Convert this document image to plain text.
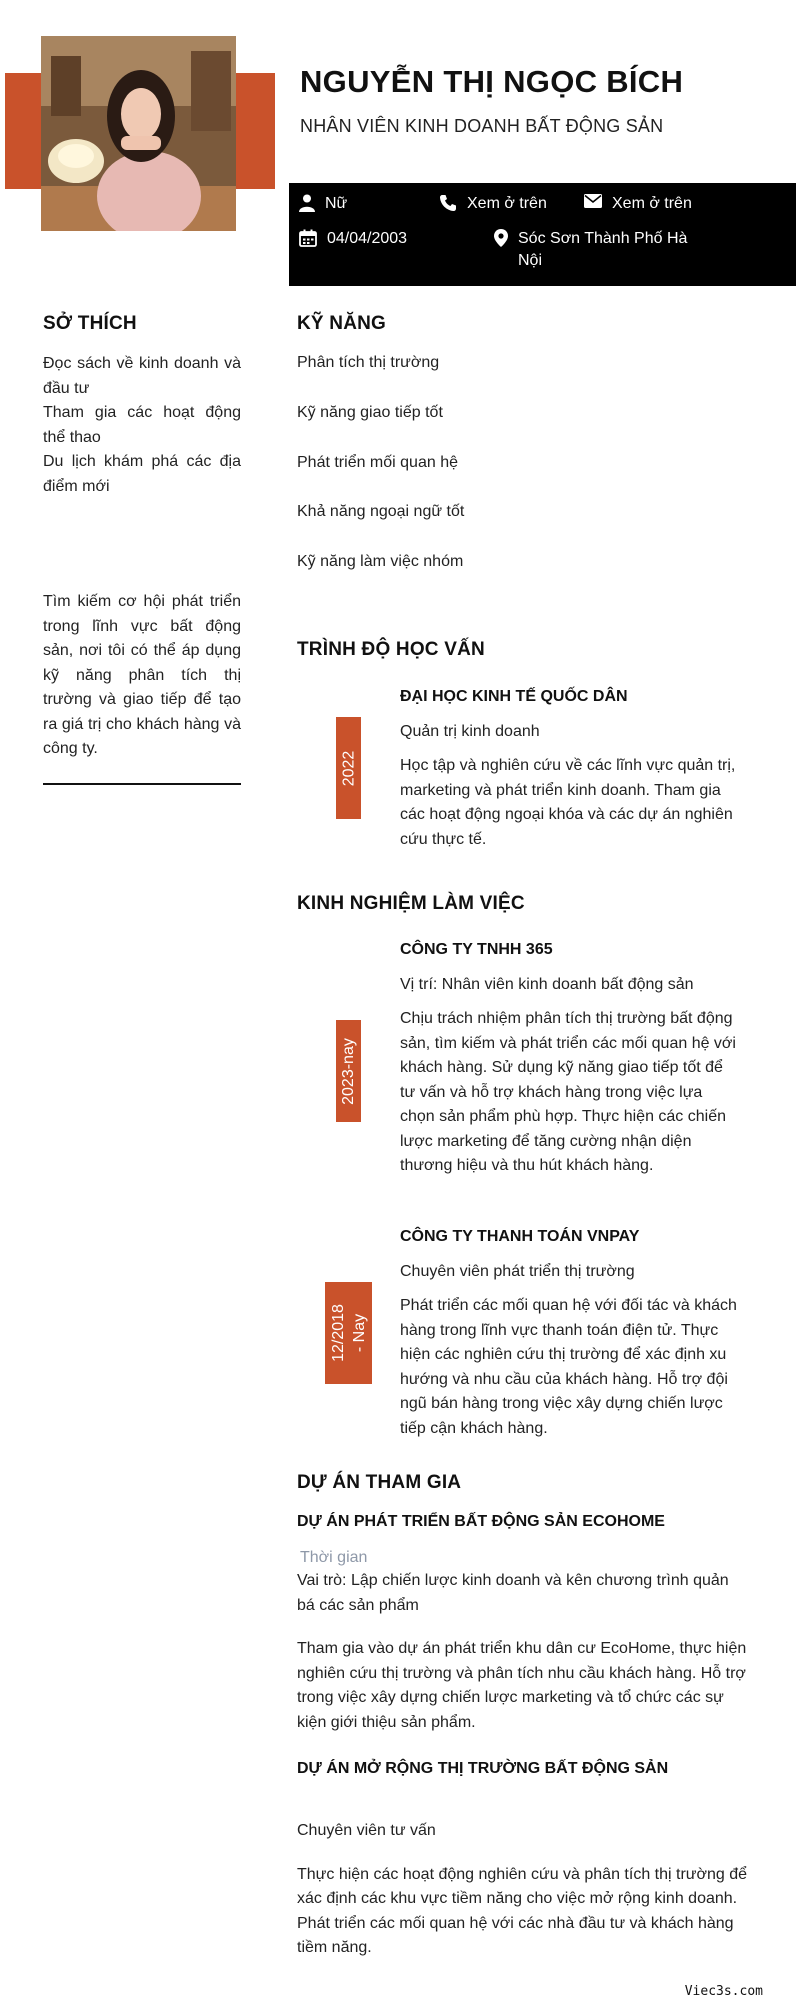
NGUYỄN THỊ NGỌC BÍCH
NHÂN VIÊN KINH DOANH BẤT ĐỘNG SẢN
Nữ	Xem ở trên	Xem ở trên
04/04/2003	Sóc Sơn Thành Phố Hà Nội
SỞ THÍCH
Đọc sách về kinh doanh và đầu tư
Tham gia các hoạt động thể thao
Du lịch khám phá các địa điểm mới
Tìm kiếm cơ hội phát triển trong lĩnh vực bất động sản, nơi tôi có thể áp dụng kỹ năng phân tích thị trường và giao tiếp để tạo ra giá trị cho khách hàng và công ty.
KỸ NĂNG
Phân tích thị trường
Kỹ năng giao tiếp tốt
Phát triển mối quan hệ
Khả năng ngoại ngữ tốt
Kỹ năng làm việc nhóm
TRÌNH ĐỘ HỌC VẤN
2022
ĐẠI HỌC KINH TẾ QUỐC DÂN
Quản trị kinh doanh
Học tập và nghiên cứu về các lĩnh vực quản trị, marketing và phát triển kinh doanh. Tham gia các hoạt động ngoại khóa và các dự án nghiên cứu thực tế.
KINH NGHIỆM LÀM VIỆC
2023-nay
CÔNG TY TNHH 365
Vị trí: Nhân viên kinh doanh bất động sản
Chịu trách nhiệm phân tích thị trường bất động sản, tìm kiếm và phát triển các mối quan hệ với khách hàng. Sử dụng kỹ năng giao tiếp tốt để tư vấn và hỗ trợ khách hàng trong việc lựa chọn sản phẩm phù hợp. Thực hiện các chiến lược marketing để tăng cường nhận diện thương hiệu và thu hút khách hàng.
12/2018 - Nay
CÔNG TY THANH TOÁN VNPAY
Chuyên viên phát triển thị trường
Phát triển các mối quan hệ với đối tác và khách hàng trong lĩnh vực thanh toán điện tử. Thực hiện các nghiên cứu thị trường để xác định xu hướng và nhu cầu của khách hàng. Hỗ trợ đội ngũ bán hàng trong việc xây dựng chiến lược tiếp cận khách hàng.
DỰ ÁN THAM GIA
DỰ ÁN PHÁT TRIỂN BẤT ĐỘNG SẢN ECOHOME
Thời gian
Vai trò: Lập chiến lược kinh doanh và kên chương trình quản bá các sản phẩm
Tham gia vào dự án phát triển khu dân cư EcoHome, thực hiện nghiên cứu thị trường và phân tích nhu cầu khách hàng. Hỗ trợ trong việc xây dựng chiến lược marketing và tổ chức các sự kiện giới thiệu sản phẩm.
DỰ ÁN MỞ RỘNG THỊ TRƯỜNG BẤT ĐỘNG SẢN
Chuyên viên tư vấn
Thực hiện các hoạt động nghiên cứu và phân tích thị trường để xác định các khu vực tiềm năng cho việc mở rộng kinh doanh. Phát triển các mối quan hệ với các nhà đầu tư và khách hàng tiềm năng.
Viec3s.com
